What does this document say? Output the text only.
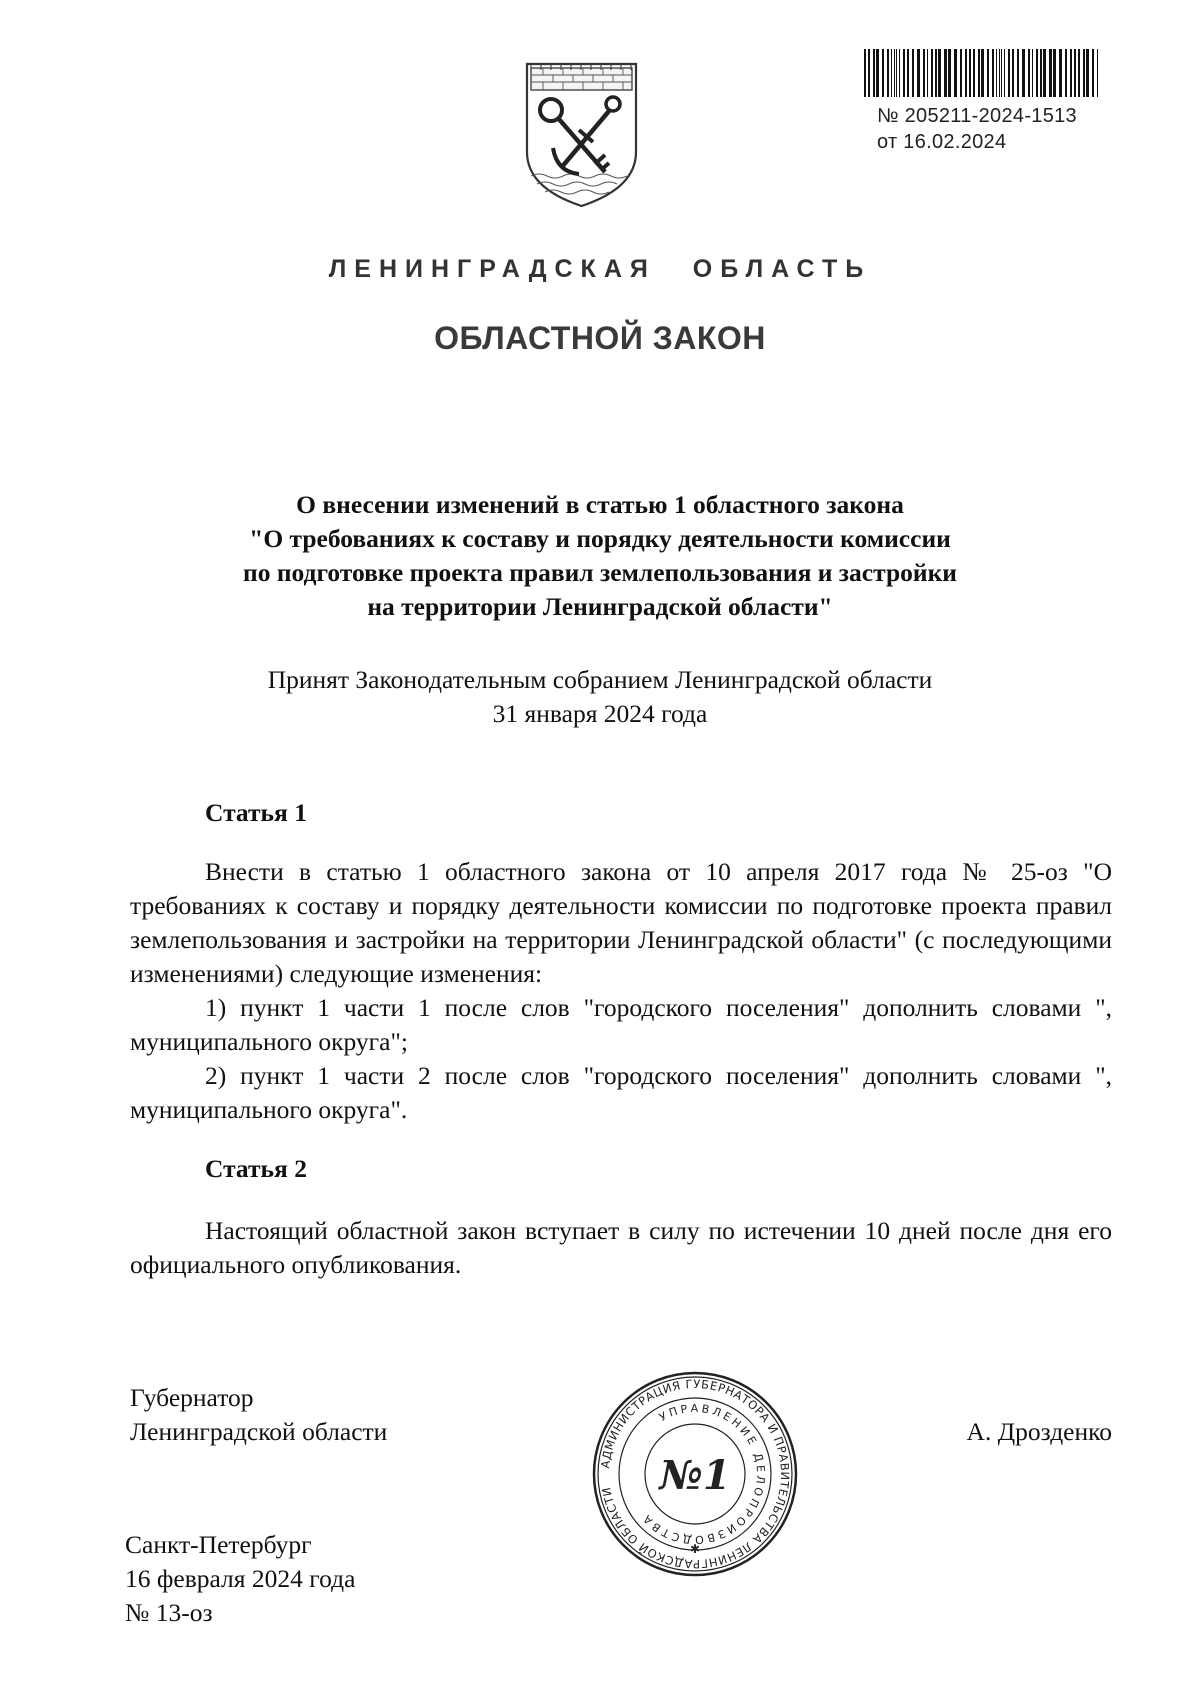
№ 205211-2024-1513
от 16.02.2024
ЛЕНИНГРАДСКАЯ ОБЛАСТЬ
ОБЛАСТНОЙ ЗАКОН
О внесении изменений в статью 1 областного закона
"О требованиях к составу и порядку деятельности комиссии
по подготовке проекта правил землепользования и застройки
на территории Ленинградской области"
Принят Законодательным собранием Ленинградской области
31 января 2024 года
Статья 1

Внести в статью 1 областного закона от 10 апреля 2017 года № 25-оз "О требованиях к составу и порядку деятельности комиссии по подготовке проекта правил землепользования и застройки на территории Ленинградской области" (с последующими изменениями) следующие изменения:

1) пункт 1 части 1 после слов "городского поселения" дополнить словами ", муниципального округа";

2) пункт 1 части 2 после слов "городского поселения" дополнить словами ", муниципального округа".

Статья 2

Настоящий областной закон вступает в силу по истечении 10 дней после дня его официального опубликования.

Губернатор
Ленинградской области	А. Дрозденко
АДМИНИСТРАЦИЯ ГУБЕРНАТОРА И ПРАВИТЕЛЬСТВА ЛЕНИНГРАДСКОЙ ОБЛАСТИ
УПРАВЛЕНИЕ ДЕЛОПРОИЗВОДСТВА
№1
✱
Санкт-Петербург
16 февраля 2024 года
№ 13-оз
